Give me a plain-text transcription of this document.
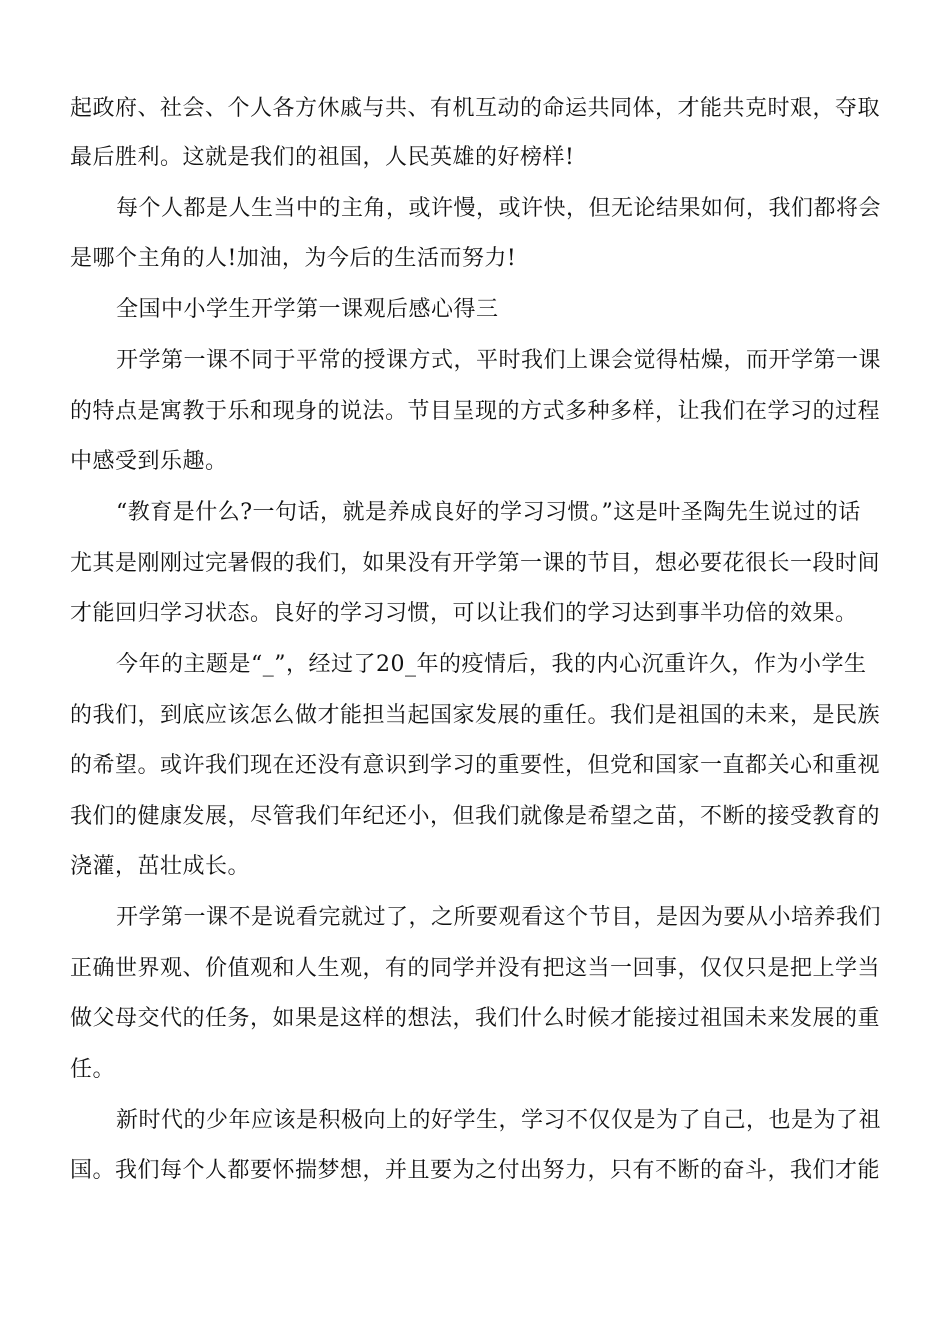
起政府、社会、个人各方休戚与共、有机互动的命运共同体，才能共克时艰，夺取
最后胜利。这就是我们的祖国，人民英雄的好榜样!
每个人都是人生当中的主角，或许慢，或许快，但无论结果如何，我们都将会
是哪个主角的人!加油，为今后的生活而努力!
全国中小学生开学第一课观后感心得三
开学第一课不同于平常的授课方式，平时我们上课会觉得枯燥，而开学第一课
的特点是寓教于乐和现身的说法。节目呈现的方式多种多样，让我们在学习的过程
中感受到乐趣。
“教育是什么?一句话，就是养成良好的学习习惯。”这是叶圣陶先生说过的话
尤其是刚刚过完暑假的我们，如果没有开学第一课的节目，想必要花很长一段时间
才能回归学习状态。良好的学习习惯，可以让我们的学习达到事半功倍的效果。
今年的主题是“_”，经过了20_年的疫情后，我的内心沉重许久，作为小学生
的我们，到底应该怎么做才能担当起国家发展的重任。我们是祖国的未来，是民族
的希望。或许我们现在还没有意识到学习的重要性，但党和国家一直都关心和重视
我们的健康发展，尽管我们年纪还小，但我们就像是希望之苗，不断的接受教育的
浇灌，茁壮成长。
开学第一课不是说看完就过了，之所要观看这个节目，是因为要从小培养我们
正确世界观、价值观和人生观，有的同学并没有把这当一回事，仅仅只是把上学当
做父母交代的任务，如果是这样的想法，我们什么时候才能接过祖国未来发展的重
任。
新时代的少年应该是积极向上的好学生，学习不仅仅是为了自己，也是为了祖
国。我们每个人都要怀揣梦想，并且要为之付出努力，只有不断的奋斗，我们才能
